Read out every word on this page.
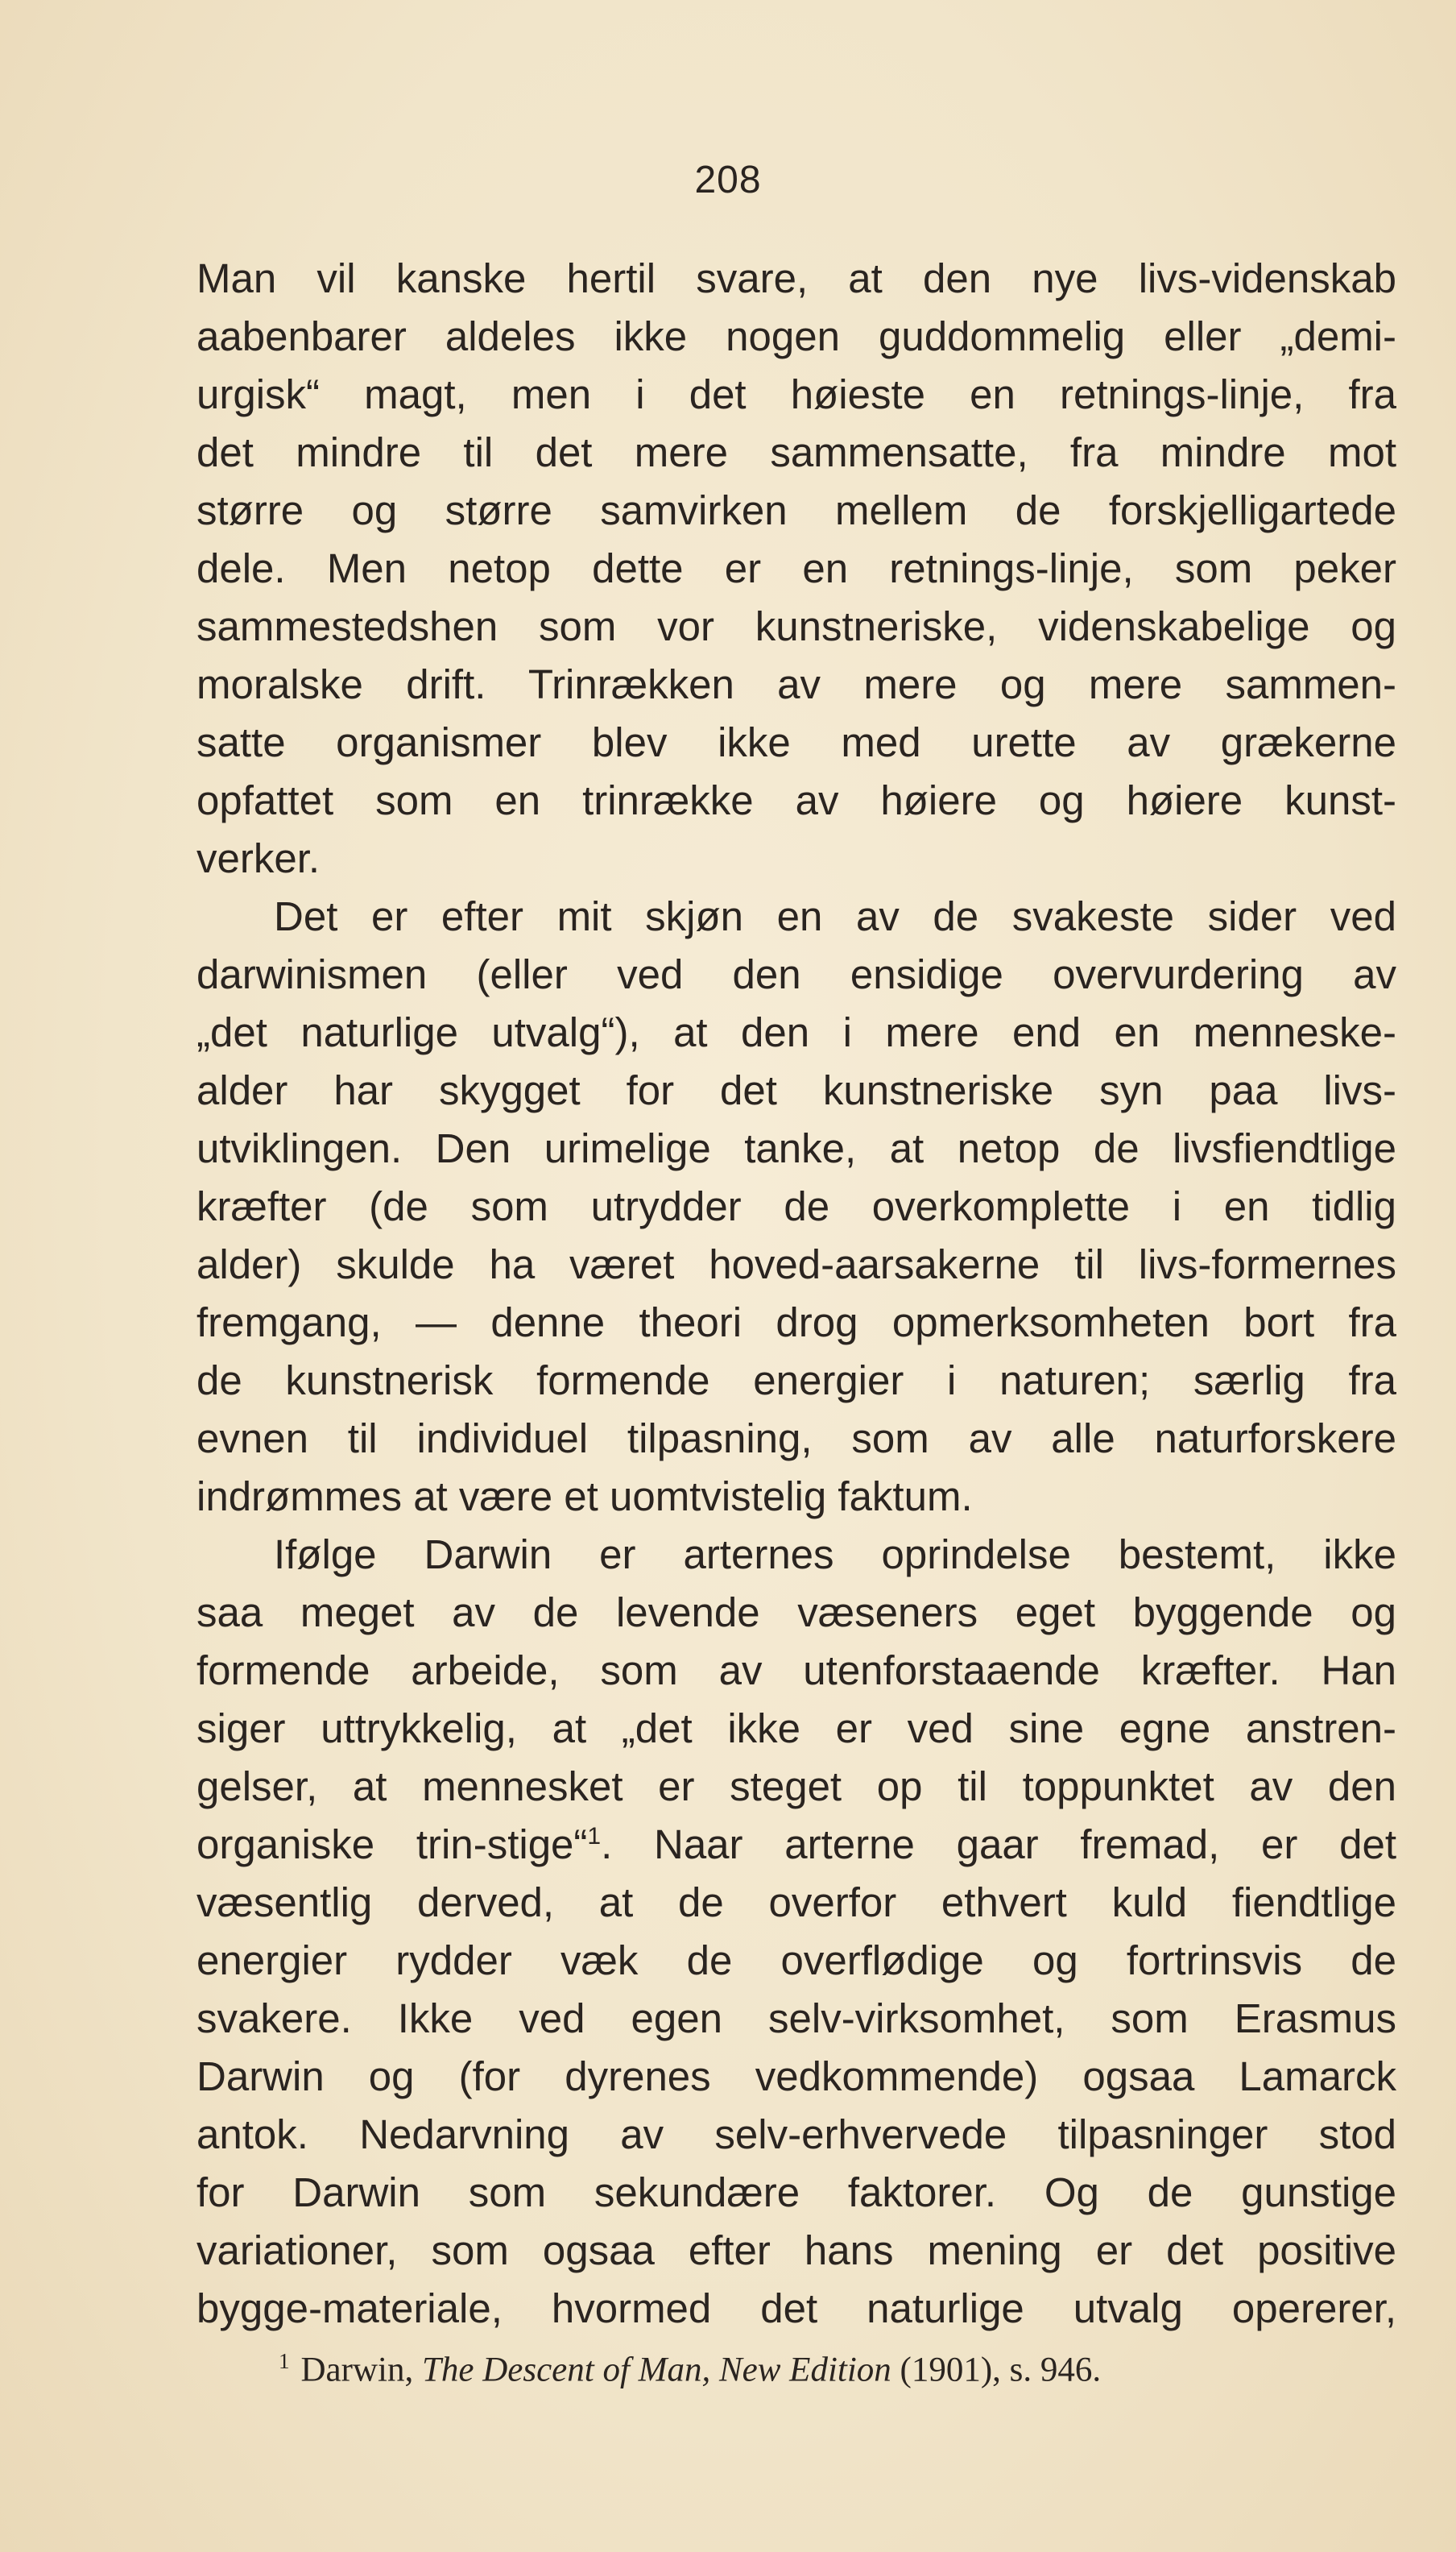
208
Man vil kanske hertil svare, at den nye livs-videnskab
aabenbarer aldeles ikke nogen guddommelig eller „demi-
urgisk“ magt, men i det høieste en retnings-linje, fra
det mindre til det mere sammensatte, fra mindre mot
større og større samvirken mellem de forskjelligartede
dele. Men netop dette er en retnings-linje, som peker
sammestedshen som vor kunstneriske, videnskabelige og
moralske drift. Trinrækken av mere og mere sammen-
satte organismer blev ikke med urette av grækerne
opfattet som en trinrække av høiere og høiere kunst-
verker.
Det er efter mit skjøn en av de svakeste sider ved
darwinismen (eller ved den ensidige overvurdering av
„det naturlige utvalg“), at den i mere end en menneske-
alder har skygget for det kunstneriske syn paa livs-
utviklingen. Den urimelige tanke, at netop de livsfiendtlige
kræfter (de som utrydder de overkomplette i en tidlig
alder) skulde ha været hoved-aarsakerne til livs-formernes
fremgang, — denne theori drog opmerksomheten bort fra
de kunstnerisk formende energier i naturen; særlig fra
evnen til individuel tilpasning, som av alle naturforskere
indrømmes at være et uomtvistelig faktum.
Ifølge Darwin er arternes oprindelse bestemt, ikke
saa meget av de levende væseners eget byggende og
formende arbeide, som av utenforstaaende kræfter. Han
siger uttrykkelig, at „det ikke er ved sine egne anstren-
gelser, at mennesket er steget op til toppunktet av den
organiske trin-stige“$^1$. Naar arterne gaar fremad, er det
væsentlig derved, at de overfor ethvert kuld fiendtlige
energier rydder væk de overflødige og fortrinsvis de
svakere. Ikke ved egen selv-virksomhet, som Erasmus
Darwin og (for dyrenes vedkommende) ogsaa Lamarck
antok. Nedarvning av selv-erhvervede tilpasninger stod
for Darwin som sekundære faktorer. Og de gunstige
variationer, som ogsaa efter hans mening er det positive
bygge-materiale, hvormed det naturlige utvalg opererer,
$^1$ Darwin, The Descent of Man, New Edition (1901), s. 946.
